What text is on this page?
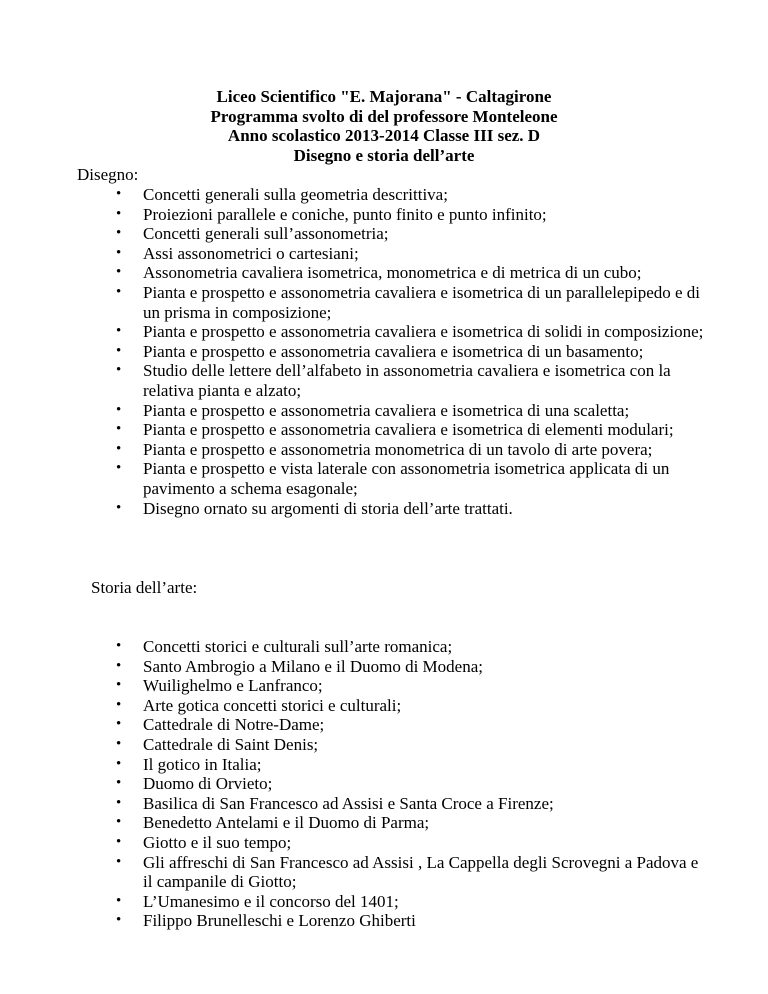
Liceo Scientifico "E. Majorana" - Caltagirone
Programma svolto di del professore Monteleone
Anno scolastico 2013-2014 Classe III sez. D
Disegno e storia dell’arte

Disegno:

• Concetti generali sulla geometria descrittiva;
• Proiezioni parallele e coniche, punto finito e punto infinito;
• Concetti generali sull’assonometria;
• Assi assonometrici o cartesiani;
• Assonometria cavaliera isometrica, monometrica e di metrica di un cubo;
• Pianta e prospetto e assonometria cavaliera e isometrica di un parallelepipedo e di un prisma in composizione;
• Pianta e prospetto e assonometria cavaliera e isometrica di solidi in composizione;
• Pianta e prospetto e assonometria cavaliera e isometrica di un basamento;
• Studio delle lettere dell’alfabeto in assonometria cavaliera e isometrica con la relativa pianta e alzato;
• Pianta e prospetto e assonometria cavaliera e isometrica di una scaletta;
• Pianta e prospetto e assonometria cavaliera e isometrica di elementi modulari;
• Pianta e prospetto e assonometria monometrica di un tavolo di arte povera;
• Pianta e prospetto e vista laterale con assonometria isometrica applicata di un pavimento a schema esagonale;
• Disegno ornato su argomenti di storia dell’arte trattati.

Storia dell’arte:

• Concetti storici e culturali sull’arte romanica;
• Santo Ambrogio a Milano e il Duomo di Modena;
• Wuilighelmo e Lanfranco;
• Arte gotica concetti storici e culturali;
• Cattedrale di Notre-Dame;
• Cattedrale di Saint Denis;
• Il gotico in Italia;
• Duomo di Orvieto;
• Basilica di San Francesco ad Assisi e Santa Croce a Firenze;
• Benedetto Antelami e il Duomo di Parma;
• Giotto e il suo tempo;
• Gli affreschi di San Francesco ad Assisi , La Cappella degli Scrovegni a Padova e il campanile di Giotto;
• L’Umanesimo e il concorso del 1401;
• Filippo Brunelleschi e Lorenzo Ghiberti
